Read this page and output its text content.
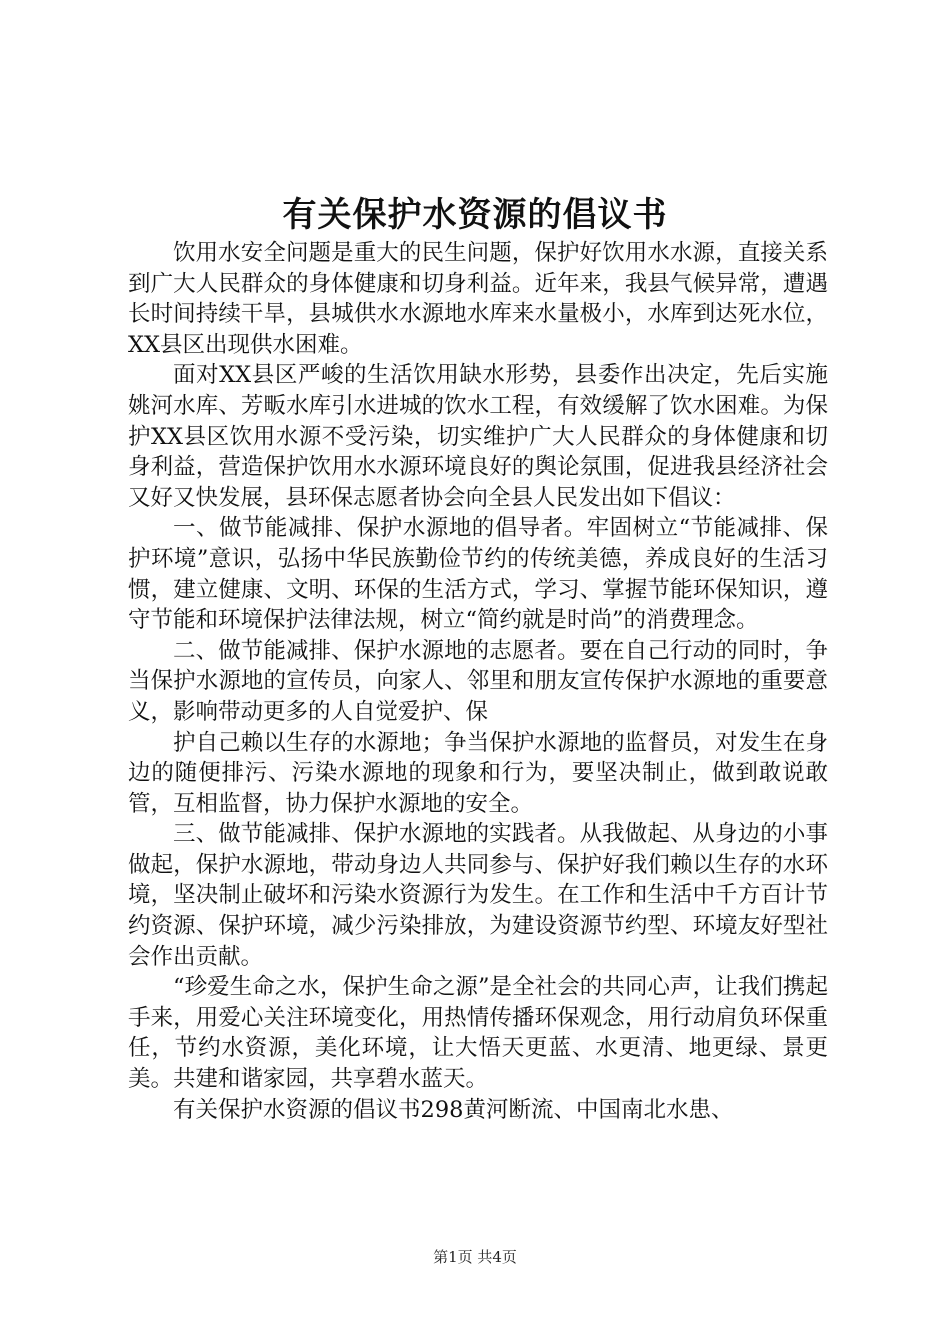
有关保护水资源的倡议书

饮用水安全问题是重大的民生问题，保护好饮用水水源，直接关系到广大人民群众的身体健康和切身利益。近年来，我县气候异常，遭遇长时间持续干旱，县城供水水源地水库来水量极小，水库到达死水位，XX县区出现供水困难。

面对XX县区严峻的生活饮用缺水形势，县委作出决定，先后实施姚河水库、芳畈水库引水进城的饮水工程，有效缓解了饮水困难。为保护XX县区饮用水源不受污染，切实维护广大人民群众的身体健康和切身利益，营造保护饮用水水源环境良好的舆论氛围，促进我县经济社会又好又快发展，县环保志愿者协会向全县人民发出如下倡议：

一、做节能减排、保护水源地的倡导者。牢固树立“节能减排、保护环境”意识，弘扬中华民族勤俭节约的传统美德，养成良好的生活习惯，建立健康、文明、环保的生活方式，学习、掌握节能环保知识，遵守节能和环境保护法律法规，树立“简约就是时尚”的消费理念。

二、做节能减排、保护水源地的志愿者。要在自己行动的同时，争当保护水源地的宣传员，向家人、邻里和朋友宣传保护水源地的重要意义，影响带动更多的人自觉爱护、保

护自己赖以生存的水源地；争当保护水源地的监督员，对发生在身边的随便排污、污染水源地的现象和行为，要坚决制止，做到敢说敢管，互相监督，协力保护水源地的安全。

三、做节能减排、保护水源地的实践者。从我做起、从身边的小事做起，保护水源地，带动身边人共同参与、保护好我们赖以生存的水环境，坚决制止破坏和污染水资源行为发生。在工作和生活中千方百计节约资源、保护环境，减少污染排放，为建设资源节约型、环境友好型社会作出贡献。

“珍爱生命之水，保护生命之源”是全社会的共同心声，让我们携起手来，用爱心关注环境变化，用热情传播环保观念，用行动肩负环保重任，节约水资源，美化环境，让大悟天更蓝、水更清、地更绿、景更美。共建和谐家园，共享碧水蓝天。

有关保护水资源的倡议书298黄河断流、中国南北水患、

第1页 共4页
